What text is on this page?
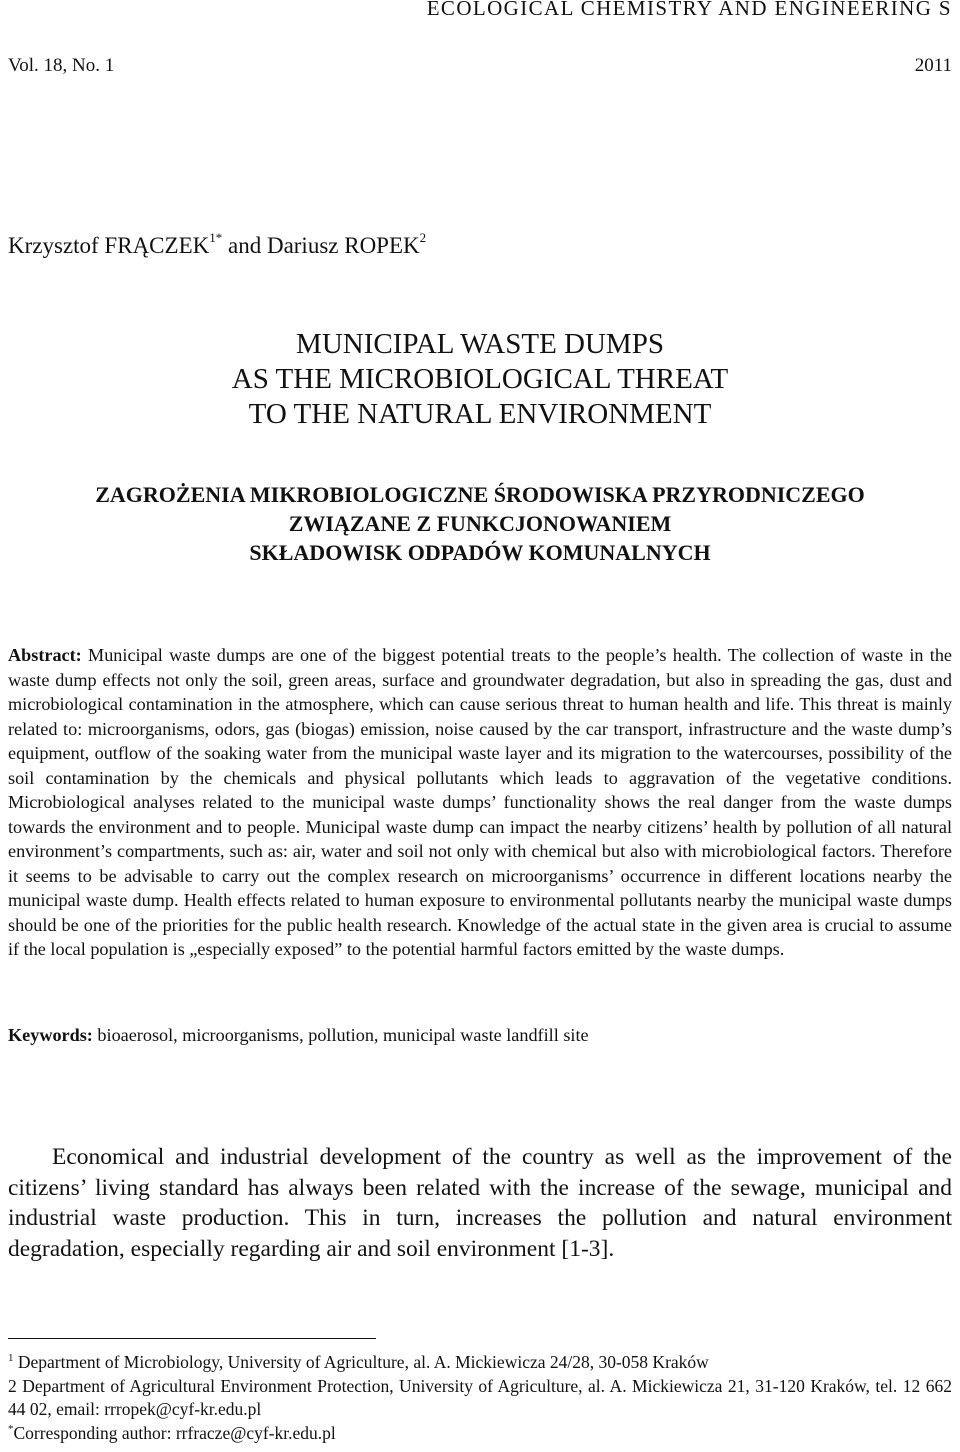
ECOLOGICAL CHEMISTRY AND ENGINEERING S
Vol. 18, No. 1	2011
Krzysztof $FRĄCZEK^{1*}$ and Dariusz ROPEK$^2$
MUNICIPAL WASTE DUMPS
AS THE MICROBIOLOGICAL THREAT
TO THE NATURAL ENVIRONMENT
ZAGROŻENIA MIKROBIOLOGICZNE ŚRODOWISKA PRZYRODNICZEGO
ZWIĄZANE Z FUNKCJONOWANIEM
SKŁADOWISK ODPADÓW KOMUNALNYCH
Abstract: Municipal waste dumps are one of the biggest potential treats to the people’s health. The collection of waste in the waste dump effects not only the soil, green areas, surface and groundwater degradation, but also in spreading the gas, dust and microbiological contamination in the atmosphere, which can cause serious threat to human health and life. This threat is mainly related to: microorganisms, odors, gas (biogas) emission, noise caused by the car transport, infrastructure and the waste dump’s equipment, outflow of the soaking water from the municipal waste layer and its migration to the watercourses, possibility of the soil contamination by the chemicals and physical pollutants which leads to aggravation of the vegetative conditions. Microbiological analyses related to the municipal waste dumps’ functionality shows the real danger from the waste dumps towards the environment and to people. Municipal waste dump can impact the nearby citizens’ health by pollution of all natural environment’s compartments, such as: air, water and soil not only with chemical but also with microbiological factors. Therefore it seems to be advisable to carry out the complex research on microorganisms’ occurrence in different locations nearby the municipal waste dump. Health effects related to human exposure to environmental pollutants nearby the municipal waste dumps should be one of the priorities for the public health research. Knowledge of the actual state in the given area is crucial to assume if the local population is „especially exposed” to the potential harmful factors emitted by the waste dumps.
Keywords: bioaerosol, microorganisms, pollution, municipal waste landfill site
Economical and industrial development of the country as well as the improvement of the citizens’ living standard has always been related with the increase of the sewage, municipal and industrial waste production. This in turn, increases the pollution and natural environment degradation, especially regarding air and soil environment [1-3].
$^1$ Department of Microbiology, University of Agriculture, al. A. Mickiewicza 24/28, 30-058 Kraków
2 Department of Agricultural Environment Protection, University of Agriculture, al. A. Mickiewicza 21, 31-120 Kraków, tel. 12 662 44 02, email: rrropek@cyf-kr.edu.pl
*Corresponding author: rrfracze@cyf-kr.edu.pl
